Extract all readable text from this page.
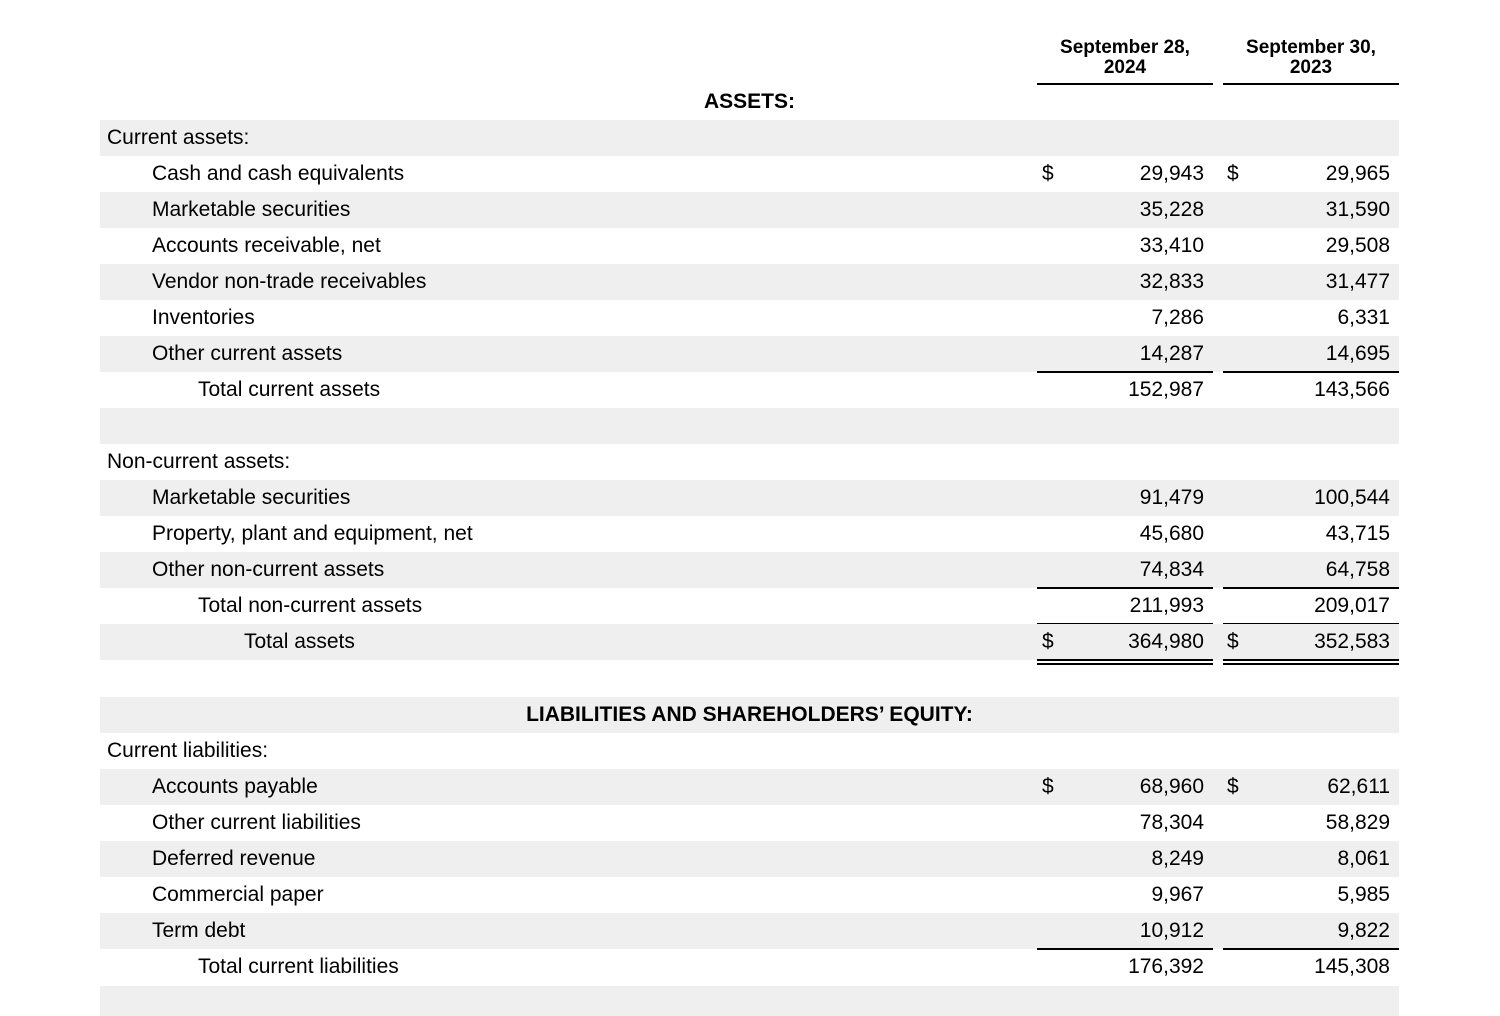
September 28,
2024
September 30,
2023
ASSETS:
Current assets:
Cash and cash equivalents	$	29,943 $	29,965
Marketable securities	35,228	31,590
Accounts receivable, net	33,410	29,508
Vendor non-trade receivables	32,833	31,477
Inventories	7,286	6,331
Other current assets	14,287	14,695
Total current assets	152,987	143,566
Non-current assets:
Marketable securities	91,479	100,544
Property, plant and equipment, net	45,680	43,715
Other non-current assets	74,834	64,758
Total non-current assets	211,993	209,017
Total assets	$	364,980 $	352,583
LIABILITIES AND SHAREHOLDERS’ EQUITY:
Current liabilities:
Accounts payable	$	68,960 $	62,611
Other current liabilities	78,304	58,829
Deferred revenue	8,249	8,061
Commercial paper	9,967	5,985
Term debt	10,912	9,822
Total current liabilities	176,392	145,308
